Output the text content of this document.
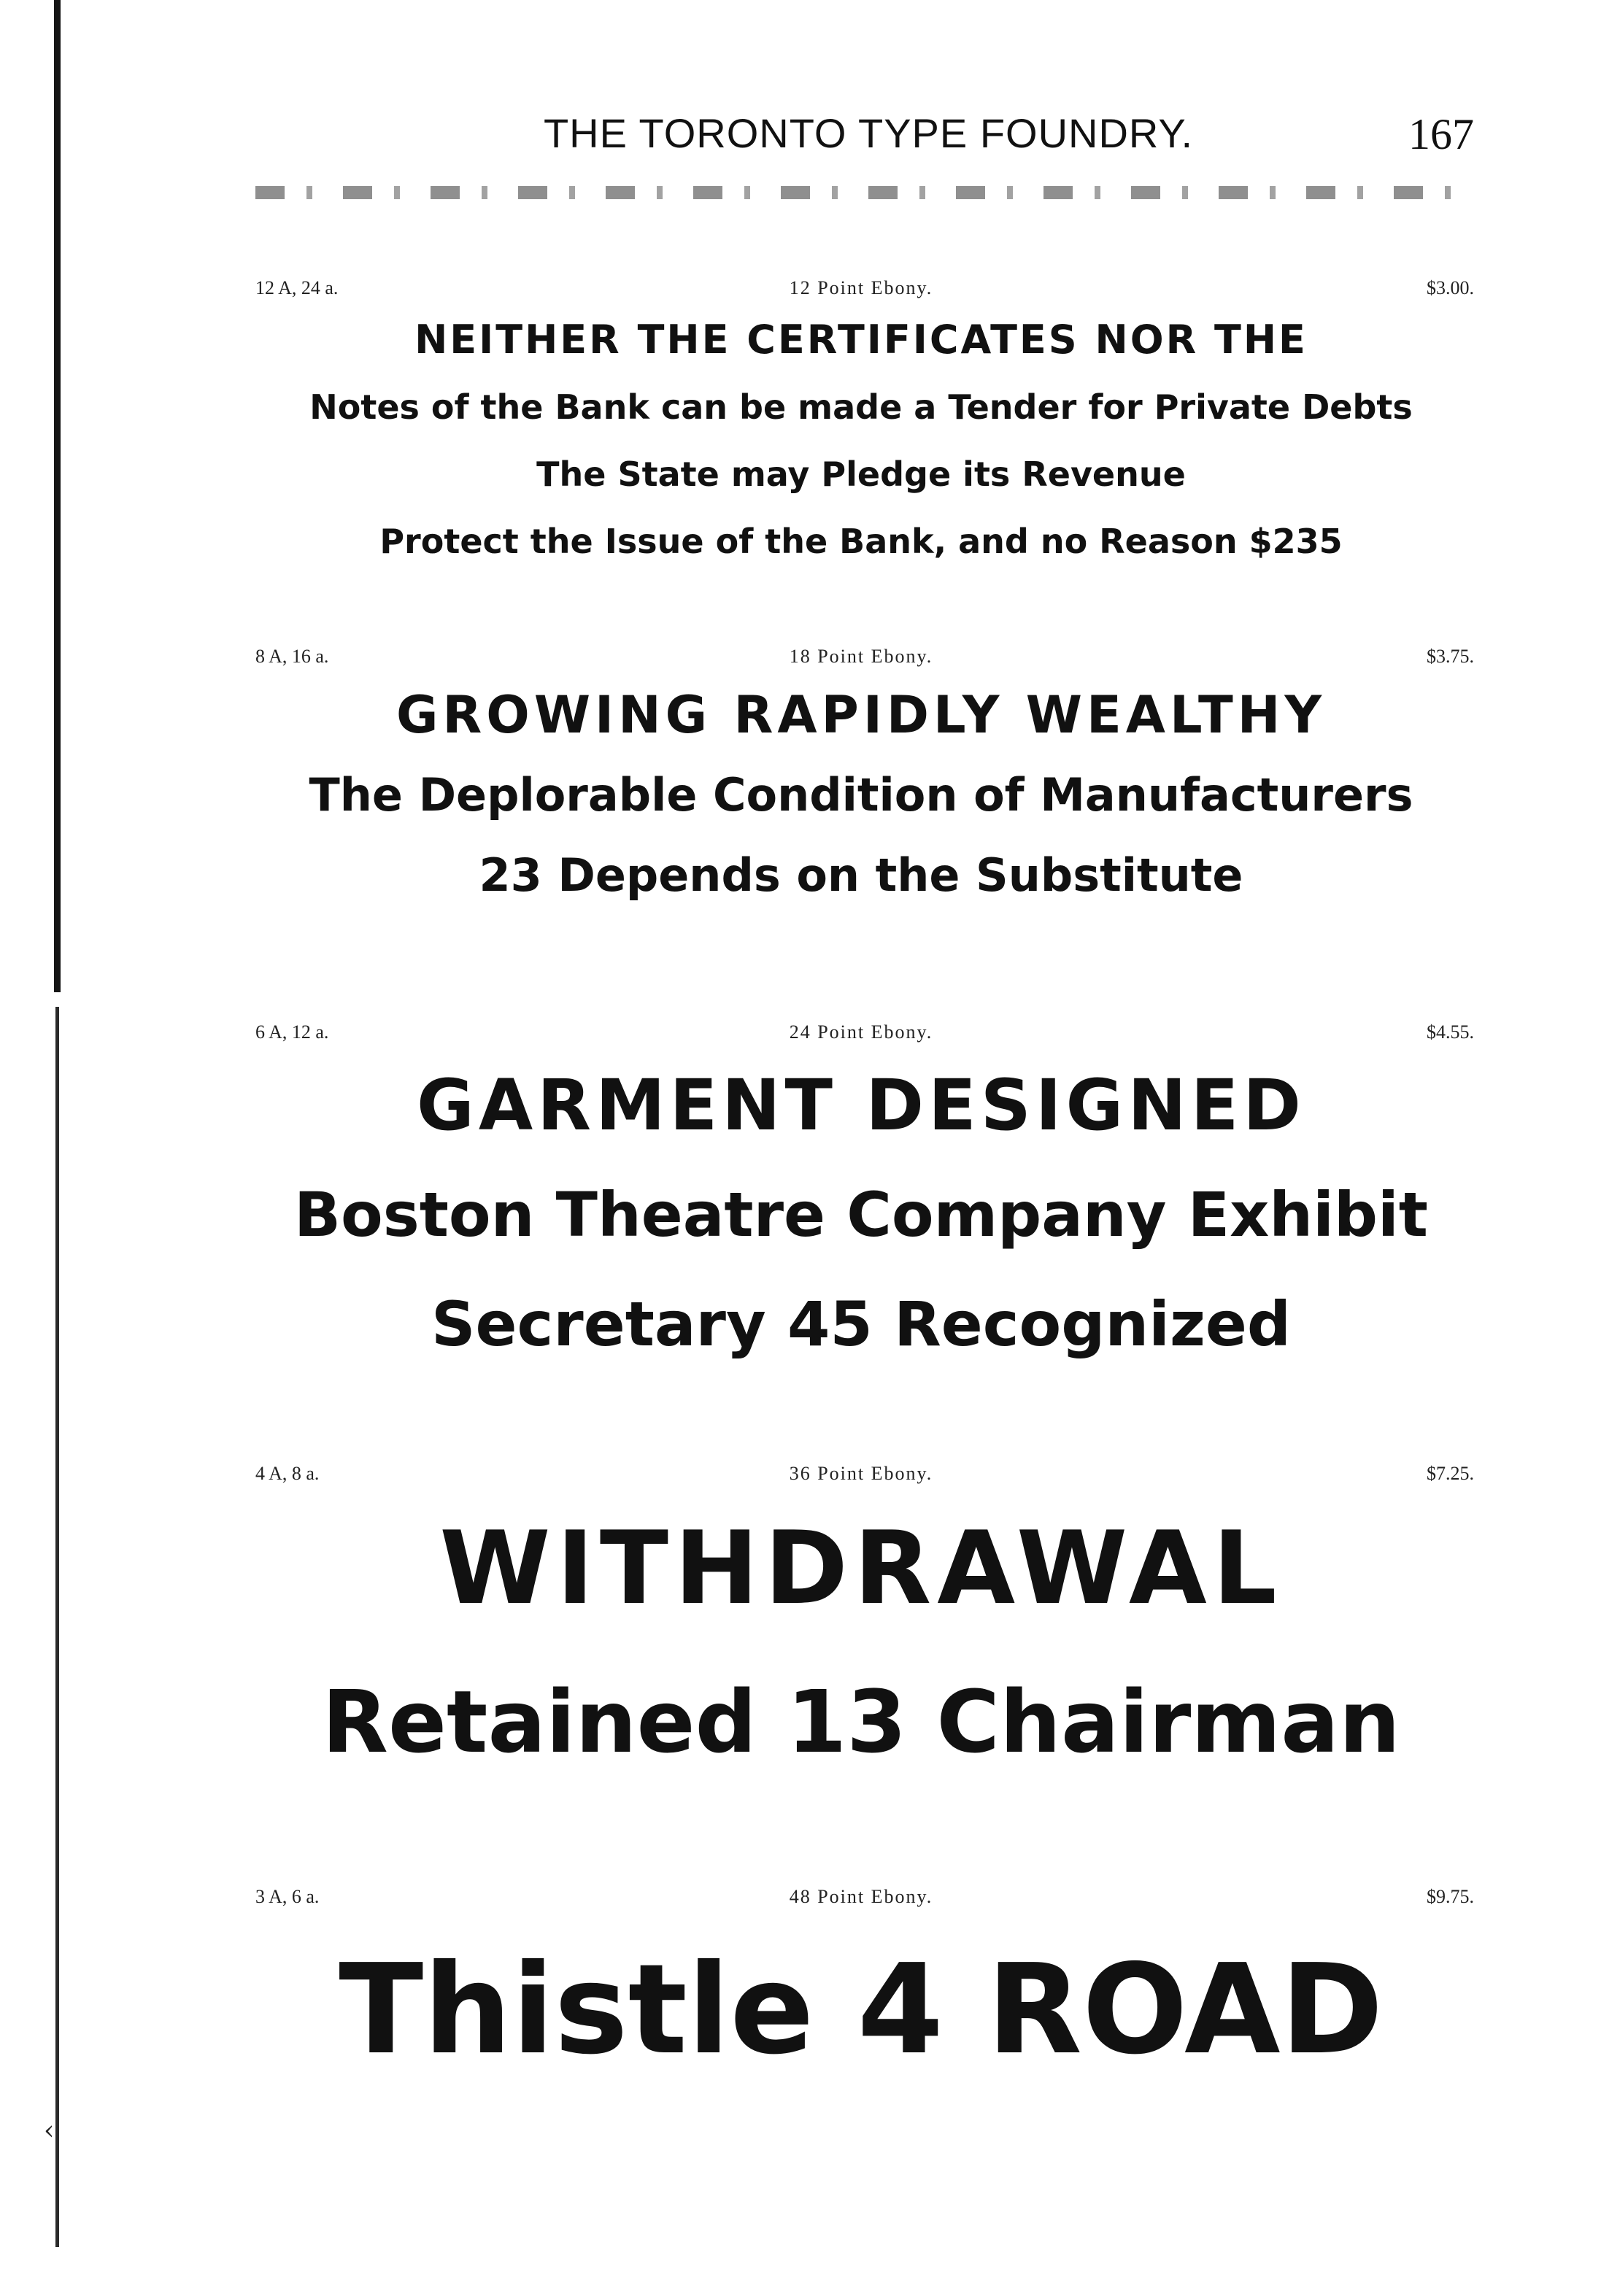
‹
THE TORONTO TYPE FOUNDRY.	167
12 A, 24 a.	12 Point Ebony.	$3.00.
NEITHER THE CERTIFICATES NOR THE
Notes of the Bank can be made a Tender for Private Debts
The State may Pledge its Revenue
Protect the Issue of the Bank, and no Reason $235
8 A, 16 a.	18 Point Ebony.	$3.75.
GROWING RAPIDLY WEALTHY
The Deplorable Condition of Manufacturers
23 Depends on the Substitute
6 A, 12 a.	24 Point Ebony.	$4.55.
GARMENT DESIGNED
Boston Theatre Company Exhibit
Secretary 45 Recognized
4 A, 8 a.	36 Point Ebony.	$7.25.
WITHDRAWAL
Retained 13 Chairman
3 A, 6 a.	48 Point Ebony.	$9.75.
Thistle 4 ROAD
